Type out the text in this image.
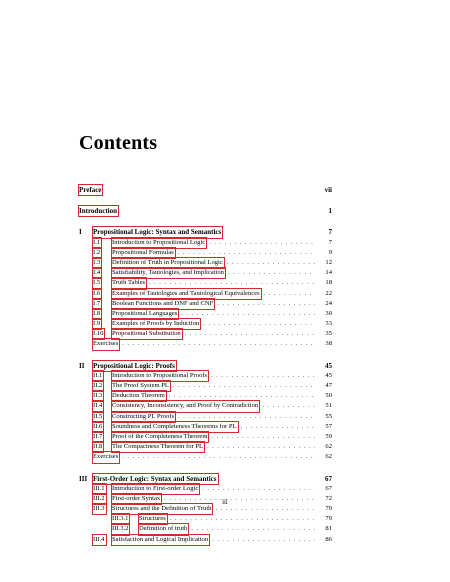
Contents
Preface	vii
Introduction	1
I	Propositional Logic: Syntax and Semantics	7
I.1	Introduction to Propositional Logic . . .	7
I.2	Propositional Formulas . . .	9
I.3	Definition of Truth in Propositional Logic . . .	12
I.4	Satisfiability, Tautologies, and Implication . . .	14
I.5	Truth Tables . . .	18
I.6	Examples of Tautologies and Tautological Equivalences . . .	22
I.7	Boolean Functions and DNF and CNF . . .	24
I.8	Propositional Languages . . .	30
I.9	Examples of Proofs by Induction . . .	33
I.10	Propositional Substitution . . .	35
Exercises . . .	38
II	Propositional Logic: Proofs	45
II.1	Introduction to Propositional Proofs . . .	45
II.2	The Proof System PL . . .	47
II.3	Deduction Theorem . . .	50
II.4	Consistency, Inconsistency, and Proof by Contradiction . . .	51
II.5	Constructing PL Proofs . . .	55
II.6	Soundness and Completeness Theorems for PL . . .	57
II.7	Proof of the Completeness Theorem . . .	59
II.8	The Compactness Theorem for PL . . .	62
Exercises . . .	62
III First-Order Logic: Syntax and Semantics	67
III.1	Introduction to First-order Logic . . .	67
III.2	First-order Syntax . . .	72
III.3	Structures and the Definition of Truth . . .	79
III.3.1	Structures . . .	79
III.3.2	Definition of truth . . .	81
III.4	Satisfaction and Logical Implication . . .	86
iii
